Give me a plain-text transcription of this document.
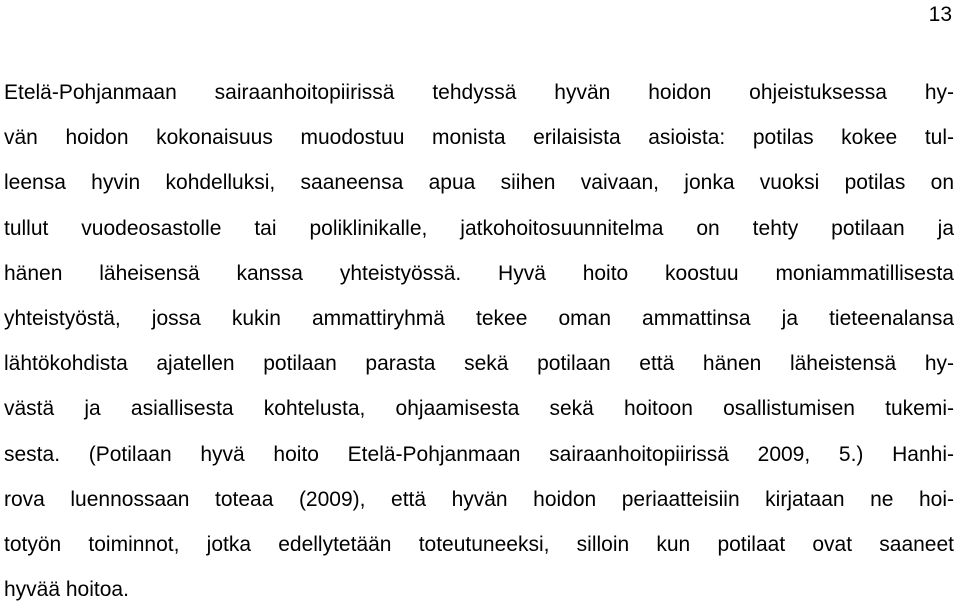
13
Etelä-Pohjanmaan sairaanhoitopiirissä tehdyssä hyvän hoidon ohjeistuksessa hy-
vän hoidon kokonaisuus muodostuu monista erilaisista asioista: potilas kokee tul-
leensa hyvin kohdelluksi, saaneensa apua siihen vaivaan, jonka vuoksi potilas on
tullut vuodeosastolle tai poliklinikalle, jatkohoitosuunnitelma on tehty potilaan ja
hänen läheisensä kanssa yhteistyössä. Hyvä hoito koostuu moniammatillisesta
yhteistyöstä, jossa kukin ammattiryhmä tekee oman ammattinsa ja tieteenalansa
lähtökohdista ajatellen potilaan parasta sekä potilaan että hänen läheistensä hy-
västä ja asiallisesta kohtelusta, ohjaamisesta sekä hoitoon osallistumisen tukemi-
sesta. (Potilaan hyvä hoito Etelä-Pohjanmaan sairaanhoitopiirissä 2009, 5.) Hanhi-
rova luennossaan toteaa (2009), että hyvän hoidon periaatteisiin kirjataan ne hoi-
totyön toiminnot, jotka edellytetään toteutuneeksi, silloin kun potilaat ovat saaneet
hyvää hoitoa.
